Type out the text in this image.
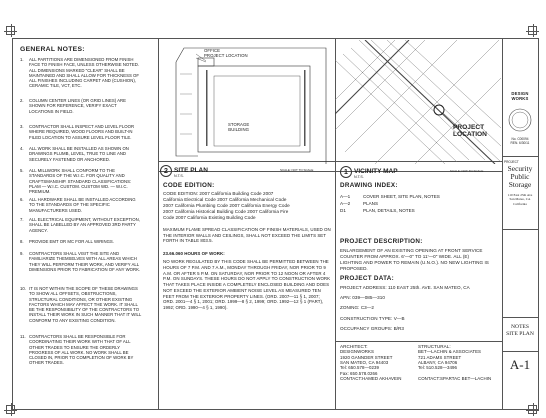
GENERAL NOTES:
1. ALL PARTITIONS ARE DIMENSIONED FROM FINISH FACE TO FINISH FACE, UNLESS OTHERWISE NOTED. ALL DIMENSIONS MARKED "CLEAR" SHALL BE MAINTAINED AND SHALL ALLOW FOR THICKNESS OF ALL FINISHES INCLUDING CARPET AND (CUSHION), CERAMIC TILE, VCT, ETC.
2. COLUMN CENTER LINES (OR GRID LINES) ARE SHOWN FOR REFERENCE, VERIFY EXACT LOCATIONS IN FIELD.
3. CONTRACTOR SHALL INSPECT AND LEVEL FLOOR WHERE REQUIRED, WOOD FLOORS AND BUILT-IN FILED LOCATION TO ASSURE LEVEL FLOOR TILE.
4. ALL WORK SHALL BE INSTALLED AS SHOWN ON DRAWINGS PLUMB, LEVEL, TRUE TO LINE AND SECURELY FASTENED OR ANCHORED.
5. ALL MILLWORK SHALL CONFORM TO THE STANDARDS OF THE W.I.C. FOR QUALITY AND CRAFTSMANSHIP. STANDARD CLASSIFICATIONS: PLAM — W.I.C. CUSTOM. CUSTOM WD. — W.I.C. PREMIUM.
6. ALL HARDWARE SHALL BE INSTALLED ACCORDING TO THE STANDARDS OF THE SPECIFIC MANUFACTURERS USED.
7. ALL ELECTRICAL EQUIPMENT, WITHOUT EXCEPTION, SHALL BE LABELLED BY AN APPROVED 3RD PARTY AGENCY.
8. PROVIDE EMT OR MC FOR ALL WIRINGS.
9. CONTRACTORS SHALL VISIT THE SITE AND FAMILIARIZE THEMSELVES WITH ALL AREAS WHICH THEY WILL PERFORM THEIR WORK, AND VERIFY ALL DIMENSIONS PRIOR TO FABRICATION OF ANY WORK.
10. IT IS NOT WITHIN THE SCOPE OF THESE DRAWINGS TO SHOW ALL OFFSETS, OBSTRUCTIONS, STRUCTURAL CONDITIONS, OR OTHER EXISTING FACTORS WHICH MAY AFFECT THE WORK. IT SHALL BE THE RESPONSIBILITY OF THE CONTRACTORS TO INSTALL THEIR WORK IN SUCH MANNER THAT IT WILL CONFORM TO ANY EXISTING CONDITION.
11. CONTRACTORS SHALL BE RESPONSIBLE FOR COORDINATING THEIR WORK WITH THAT OF ALL OTHER TRADES TO ENSURE THE ORDERLY PROGRESS OF ALL WORK. NO WORK SHALL BE CLOSED IN, PRIOR TO COMPLETION OF WORK BY OTHER TRADES.
OFFICE
PROJECT LOCATION
STORAGE
BUILDING
2 SITE PLAN
N.T.S.
SCALE: NOT TO SCALE
PROJECT
LOCATION
1 VICINITY MAP
N.T.S.
SCALE: NOT TO SCALE
CODE EDITION:
CODE EDITION: 2007 California Building Code 2007
California Electrical Code 2007 California Mechanical Code
2007 California Plumbing Code 2007 California Energy Code
2007 California Historical Building Code 2007 California Fire
Code 2007 California Existing Building Code
MAXIMUM FLAME SPREAD CLASSIFICATION OF FINISH MATERIALS, USED ON THE INTERIOR WALLS AND CEILINGS, SHALL NOT EXCEED THE LIMITS SET FORTH IN TABLE 803.5.
23.66.060 HOURS OF WORK:
NO WORK REGULATED BY THIS CODE SHALL BE PERMITTED BETWEEN THE HOURS OF 7 P.M. AND 7 A.M., MONDAY THROUGH FRIDAY, NOR PRIOR TO 9 A.M. OR AFTER 5 P.M. ON SATURDAY, NOR PRIOR TO 12 NOON OR AFTER 4 P.M. ON SUNDAYS. THESE HOURS DO NOT APPLY TO CONSTRUCTION WORK THAT TAKES PLACE INSIDE A COMPLETELY ENCLOSED BUILDING AND DOES NOT EXCEED THE EXTERIOR AMBIENT NOISE LEVEL AS MEASURED TEN FEET FROM THE EXTERIOR PROPERTY LINES. (ORD. 2007—11 § 1, 2007; ORD. 2001—4 § 1, 2001; ORD. 1999—8 § 2, 1999; ORD. 1992—12 § 1 (PART), 1992; ORD. 1990—4 § 1, 1990).
DRAWING INDEX:
A—1	COVER SHEET, SITE PLAN, NOTES
A—2	PLANS
D1	PLAN, DETAILS, NOTES
PROJECT DESCRIPTION:
ENLARGEMENT OF AN EXISTING OPENING AT FRONT SERVICE COUNTER FROM APPROX. 6'—0" TO 11'—0" WIDE. ALL (E) LIGHTING AND POWER TO REMAIN (U.N.O.). NO NEW LIGHTING IS PROPOSED.
PROJECT DATA:
PROJECT ADDRESS: 110 EAST 25th. AVE. SAN MATEO, CA
APN: 039—085—310
ZONING: C3—2
CONSTRUCTION TYPE: V—B
OCCUPANCY GROUPS: B/R3
ARCHITECT:
DESIGNWORKS
1920 GANNDER STREET
SAN MATEO, CA 94403
Tel: 650.578—0239
Fax: 650.578.0266
CONTACT:HAMED AKHAVEIN
STRUCTURAL:
BET—LACHIN & ASSOCIATES
721 ADAMS STREET
ALBANY, CA 94706
Tel: 510.528—3496
CONTACT:SPARTAC BET—LACHIN
DESIGN
WORKS
No. C00094
REN. 6/30/11
PROJECT
Security
Public
Storage
110 East 25th Ave
San Mateo, CA
California
NOTES
SITE PLAN
A-1
